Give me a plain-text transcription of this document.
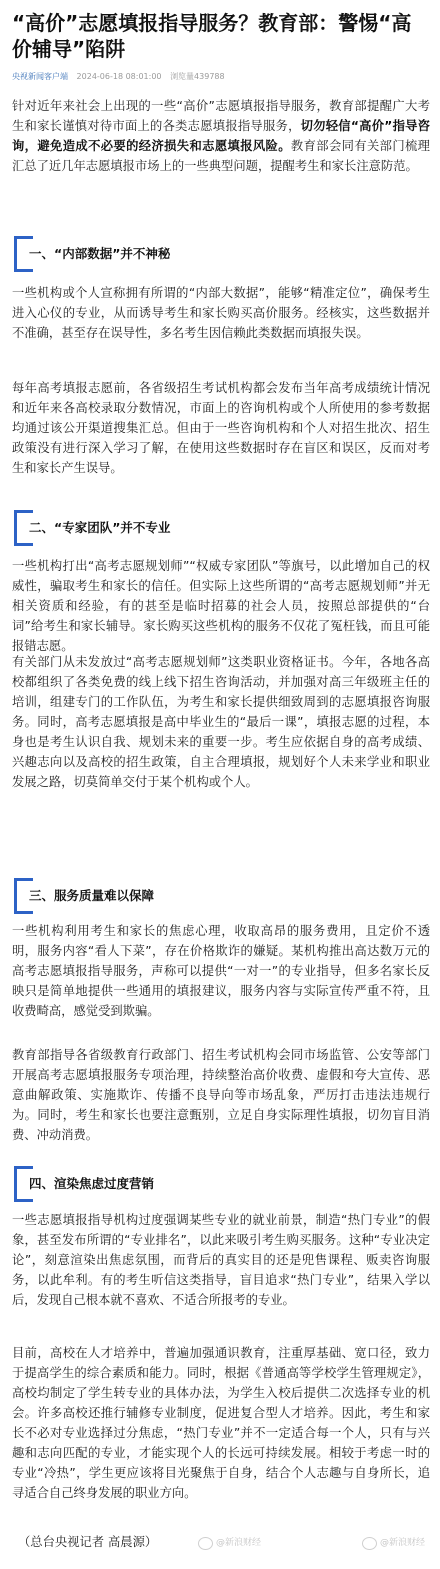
“高价”志愿填报指导服务？教育部：警惕“高价辅导”陷阱
央视新闻客户端 2024-06-18 08:01:00 浏览量439788

针对近年来社会上出现的一些“高价”志愿填报指导服务，教育部提醒广大考生和家长谨慎对待市面上的各类志愿填报指导服务，切勿轻信“高价”指导咨询，避免造成不必要的经济损失和志愿填报风险。教育部会同有关部门梳理汇总了近几年志愿填报市场上的一些典型问题，提醒考生和家长注意防范。

一、“内部数据”并不神秘

一些机构或个人宣称拥有所谓的“内部大数据”，能够“精准定位”，确保考生进入心仪的专业，从而诱导考生和家长购买高价服务。经核实，这些数据并不准确，甚至存在误导性，多名考生因信赖此类数据而填报失误。

每年高考填报志愿前，各省级招生考试机构都会发布当年高考成绩统计情况和近年来各高校录取分数情况，市面上的咨询机构或个人所使用的参考数据均通过该公开渠道搜集汇总。但由于一些咨询机构和个人对招生批次、招生政策没有进行深入学习了解，在使用这些数据时存在盲区和误区，反而对考生和家长产生误导。

二、“专家团队”并不专业

一些机构打出“高考志愿规划师”“权威专家团队”等旗号，以此增加自己的权威性，骗取考生和家长的信任。但实际上这些所谓的“高考志愿规划师”并无相关资质和经验，有的甚至是临时招募的社会人员，按照总部提供的“台词”给考生和家长辅导。家长购买这些机构的服务不仅花了冤枉钱，而且可能报错志愿。

有关部门从未发放过“高考志愿规划师”这类职业资格证书。今年，各地各高校都组织了各类免费的线上线下招生咨询活动，并加强对高三年级班主任的培训，组建专门的工作队伍，为考生和家长提供细致周到的志愿填报咨询服务。同时，高考志愿填报是高中毕业生的“最后一课”，填报志愿的过程，本身也是考生认识自我、规划未来的重要一步。考生应依据自身的高考成绩、兴趣志向以及高校的招生政策，自主合理填报，规划好个人未来学业和职业发展之路，切莫简单交付于某个机构或个人。

三、服务质量难以保障

一些机构利用考生和家长的焦虑心理，收取高昂的服务费用，且定价不透明，服务内容“看人下菜”，存在价格欺诈的嫌疑。某机构推出高达数万元的高考志愿填报指导服务，声称可以提供“一对一”的专业指导，但多名家长反映只是简单地提供一些通用的填报建议，服务内容与实际宣传严重不符，且收费畸高，感觉受到欺骗。

教育部指导各省级教育行政部门、招生考试机构会同市场监管、公安等部门开展高考志愿填报服务专项治理，持续整治高价收费、虚假和夸大宣传、恶意曲解政策、实施欺诈、传播不良导向等市场乱象，严厉打击违法违规行为。同时，考生和家长也要注意甄别，立足自身实际理性填报，切勿盲目消费、冲动消费。

四、渲染焦虑过度营销

一些志愿填报指导机构过度强调某些专业的就业前景，制造“热门专业”的假象，甚至发布所谓的“专业排名”，以此来吸引考生购买服务。这种“专业决定论”，刻意渲染出焦虑氛围，而背后的真实目的还是兜售课程、贩卖咨询服务，以此牟利。有的考生听信这类指导，盲目追求“热门专业”，结果入学以后，发现自己根本就不喜欢、不适合所报考的专业。

目前，高校在人才培养中，普遍加强通识教育，注重厚基础、宽口径，致力于提高学生的综合素质和能力。同时，根据《普通高等学校学生管理规定》，高校均制定了学生转专业的具体办法，为学生入校后提供二次选择专业的机会。许多高校还推行辅修专业制度，促进复合型人才培养。因此，考生和家长不必对专业选择过分焦虑，“热门专业”并不一定适合每一个人，只有与兴趣和志向匹配的专业，才能实现个人的长远可持续发展。相较于考虑一时的专业“冷热”，学生更应该将目光聚焦于自身，结合个人志趣与自身所长，追寻适合自己终身发展的职业方向。

（总台央视记者 高晨源）	@新浪财经	@新浪财经
